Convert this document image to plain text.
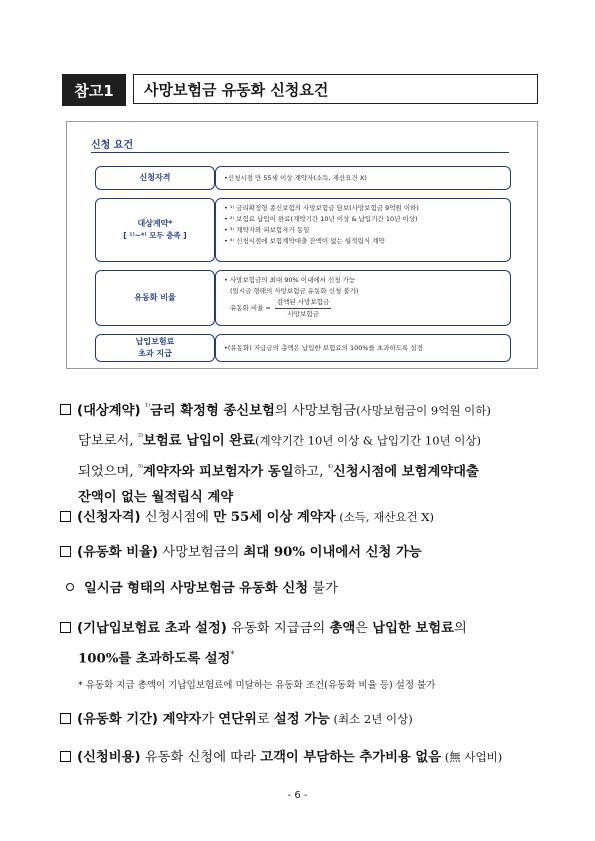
참고1	사망보험금 유동화 신청요건
신청 요건
신청자격	• 신청시점 만 55세 이상 계약자(소득, 재산요건 X)
대상계약*
[ ¹⁾~⁴⁾ 모두 충족 ]
• ¹⁾ 금리확정형 종신보험의 사망보험금 담보(사망보험금 9억원 이하)
• ²⁾ 보험료 납입이 완료(계약기간 10년 이상 & 납입기간 10년 이상)
• ³⁾ 계약자와 피보험자가 동일
• ⁴⁾ 신청시점에 보험계약대출 잔액이 없는 월적립식 계약
유동화 비율
• 사망보험금의 최대 90% 이내에서 신청 가능
(일시금 형태의 사망보험금 유동화 신청 불가)
유동화 비율 = $\frac{\text{감액된 사망보험금}}{\text{사망보험금}}$
납입보험료
초과 지급
• (유동화) 지급금의 총액은 납입한 보험료의 100%를 초과하도록 설정
(대상계약) $^{^{1)}}$금리 확정형 종신보험의 사망보험금(사망보험금이 9억원 이하)
담보로서, $^{^{2)}}$보험료 납입이 완료(계약기간 10년 이상 & 납입기간 10년 이상)
되었으며, $^{^{3)}}$계약자와 피보험자가 동일하고, $^{^{4)}}$신청시점에 보험계약대출
잔액이 없는 월적립식 계약
(신청자격) 신청시점에 만 55세 이상 계약자 (소득, 재산요건 X)
(유동화 비율) 사망보험금의 최대 90% 이내에서 신청 가능
일시금 형태의 사망보험금 유동화 신청 불가
(기납입보험료 초과 설정) 유동화 지급금의 총액은 납입한 보험료의
100%를 초과하도록 설정*
* 유동화 지급 총액이 기납입보험료에 미달하는 유동화 조건(유동화 비율 등) 설정 불가
(유동화 기간) 계약자가 연단위로 설정 가능 (최소 2년 이상)
(신청비용) 유동화 신청에 따라 고객이 부담하는 추가비용 없음 (無 사업비)
- 6 -
